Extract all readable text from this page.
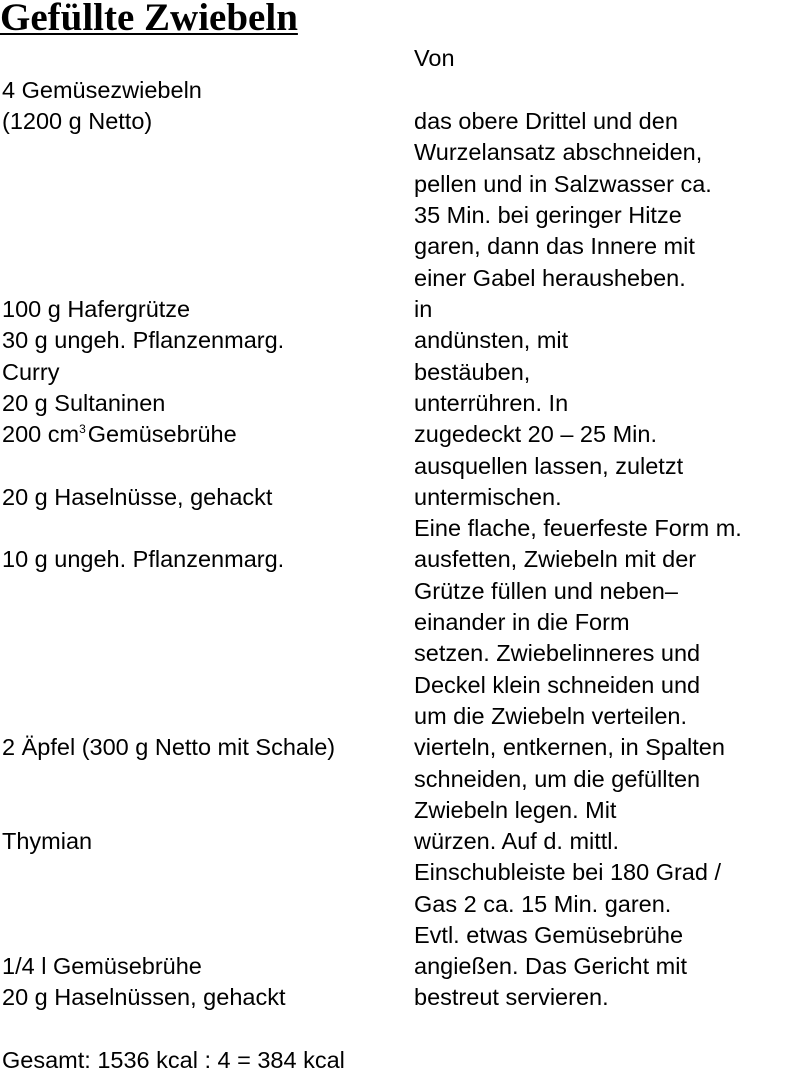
Gefüllte Zwiebeln
4 Gemüsezwiebeln
(1200 g Netto)
100 g Hafergrütze
30 g ungeh. Pflanzenmarg.
Curry
20 g Sultaninen
200 $cm^3Gemüsebrühe$
20 g Haselnüsse, gehackt
10 g ungeh. Pflanzenmarg.
2 Äpfel (300 g Netto mit Schale)
Thymian
1/4 l Gemüsebrühe
20 g Haselnüssen, gehackt
Von
das obere Drittel und den
Wurzelansatz abschneiden,
pellen und in Salzwasser ca.
35 Min. bei geringer Hitze
garen, dann das Innere mit
einer Gabel herausheben.
in
andünsten, mit
bestäuben,
unterrühren. In
zugedeckt 20 – 25 Min.
ausquellen lassen, zuletzt
untermischen.
Eine flache, feuerfeste Form m.
ausfetten, Zwiebeln mit der
Grütze füllen und neben–
einander in die Form
setzen. Zwiebelinneres und
Deckel klein schneiden und
um die Zwiebeln verteilen.
vierteln, entkernen, in Spalten
schneiden, um die gefüllten
Zwiebeln legen. Mit
würzen. Auf d. mittl.
Einschubleiste bei 180 Grad /
Gas 2 ca. 15 Min. garen.
Evtl. etwas Gemüsebrühe
angießen. Das Gericht mit
bestreut servieren.
Gesamt: 1536 kcal : 4 = 384 kcal
